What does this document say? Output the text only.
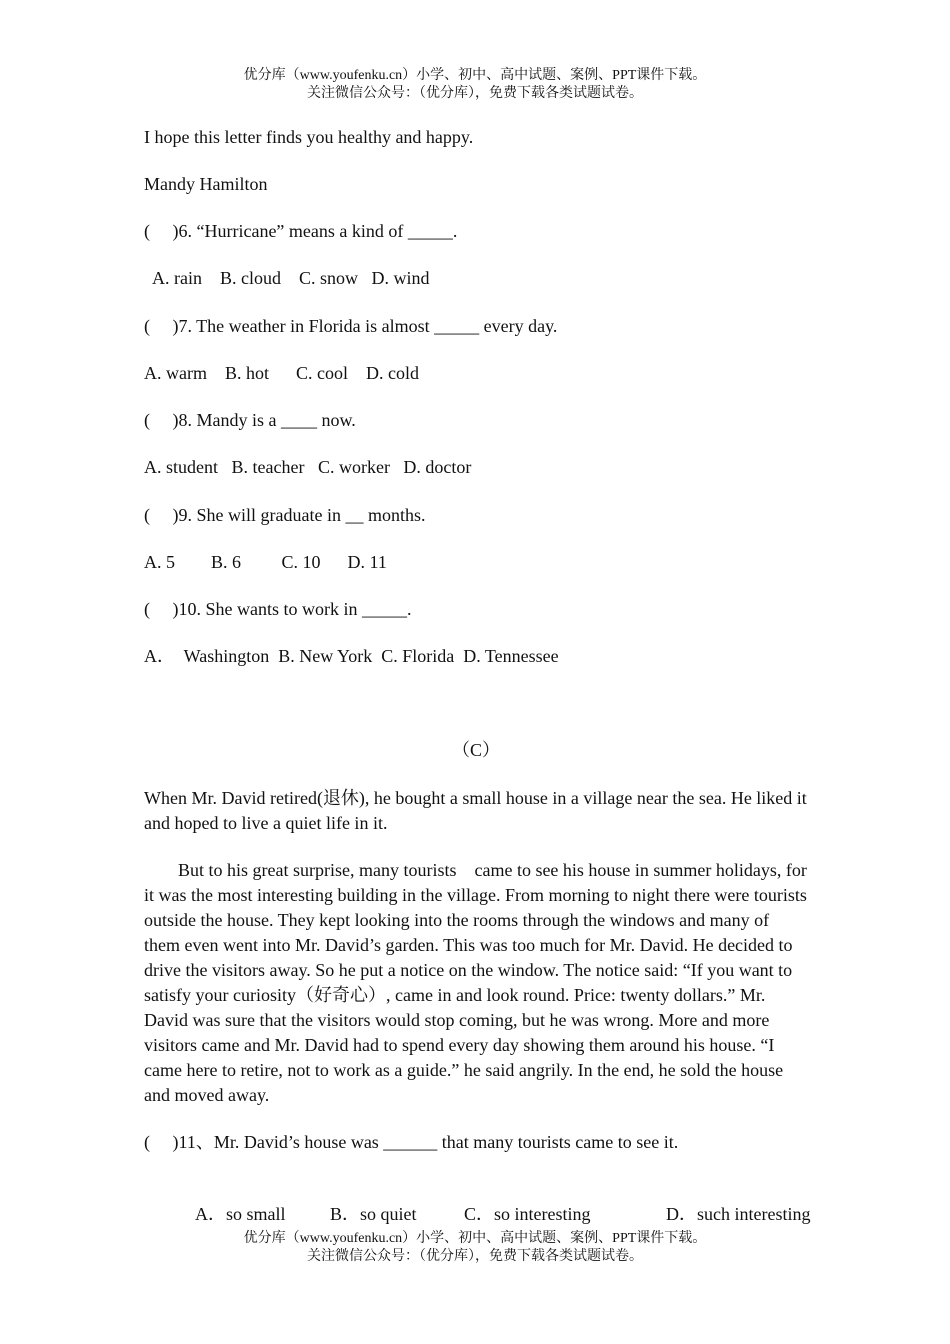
优分库（www.youfenku.cn）小学、初中、高中试题、案例、PPT课件下载。
关注微信公众号：（优分库），免费下载各类试题试卷。
I hope this letter finds you healthy and happy.
Mandy Hamilton
(     )6. “Hurricane” means a kind of _____.
A. rain    B. cloud    C. snow   D. wind
(     )7. The weather in Florida is almost _____ every day.
A. warm    B. hot      C. cool    D. cold
(     )8. Mandy is a ____ now.
A. student   B. teacher   C. worker   D. doctor
(     )9. She will graduate in __ months.
A. 5        B. 6         C. 10      D. 11
(     )10. She wants to work in _____.
A．  Washington  B. New York  C. Florida  D. Tennessee
（C）
When Mr. David retired(退休), he bought a small house in a village near the sea. He liked it and hoped to live a quiet life in it.
But to his great surprise, many tourists    came to see his house in summer holidays, for it was the most interesting building in the village. From morning to night there were tourists outside the house. They kept looking into the rooms through the windows and many of them even went into Mr. David’s garden. This was too much for Mr. David. He decided to drive the visitors away. So he put a notice on the window. The notice said: “If you want to satisfy your curiosity（好奇心）, came in and look round. Price: twenty dollars.” Mr. David was sure that the visitors would stop coming, but he was wrong. More and more visitors came and Mr. David had to spend every day showing them around his house. “I came here to retire, not to work as a guide.” he said angrily. In the end, he sold the house and moved away.
(     )11、Mr. David’s house was ______ that many tourists came to see it.

A．so small B．so quiet	C．so interesting	D．such interesting

优分库（www.youfenku.cn）小学、初中、高中试题、案例、PPT课件下载。
关注微信公众号：（优分库），免费下载各类试题试卷。
